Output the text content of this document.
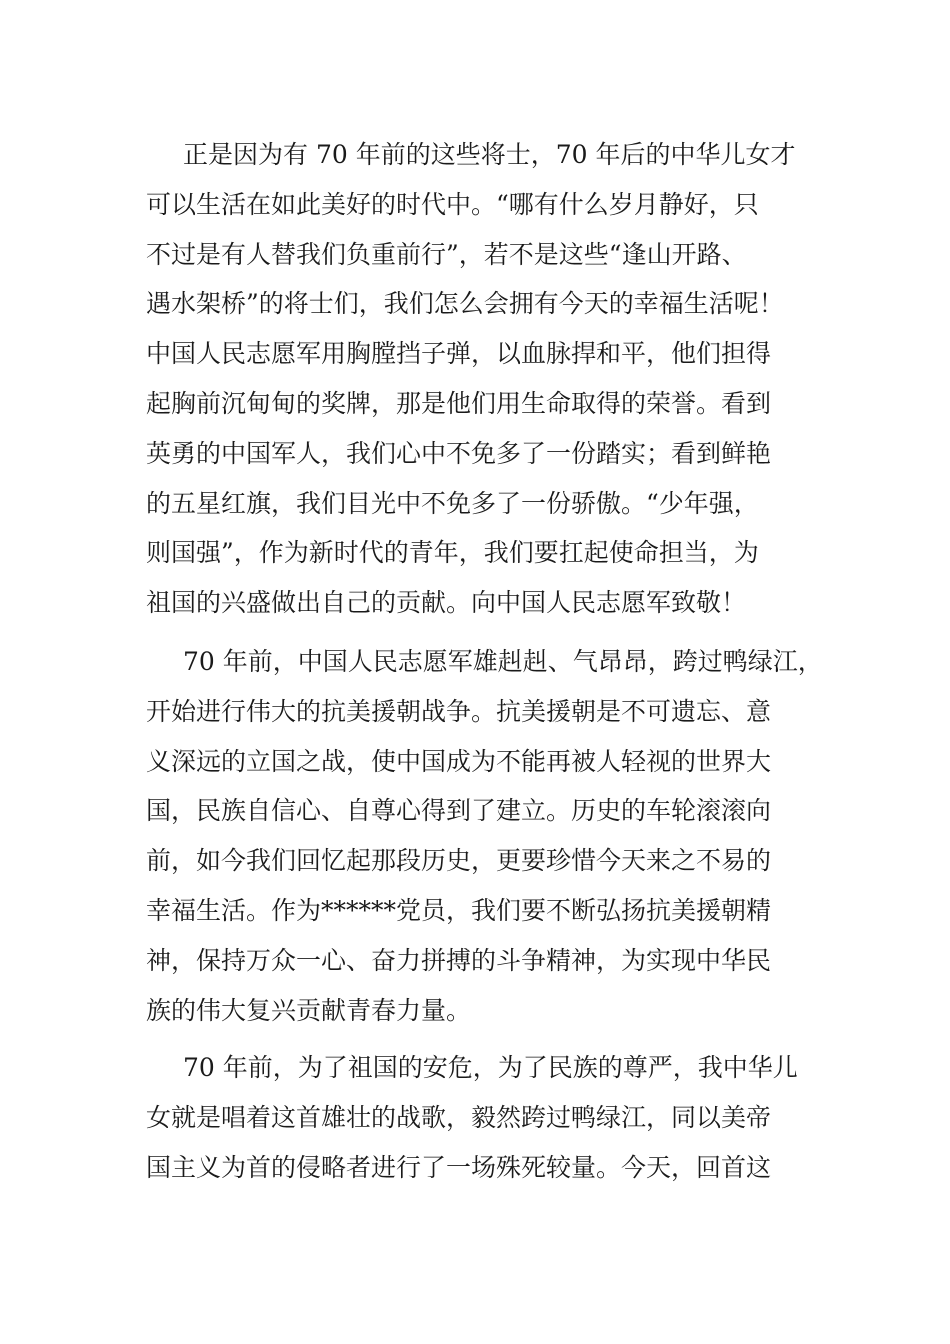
正是因为有 70 年前的这些将士，70 年后的中华儿女才
可以生活在如此美好的时代中。“哪有什么岁月静好，只
不过是有人替我们负重前行”，若不是这些“逢山开路、
遇水架桥”的将士们，我们怎么会拥有今天的幸福生活呢！
中国人民志愿军用胸膛挡子弹，以血脉捍和平，他们担得
起胸前沉甸甸的奖牌，那是他们用生命取得的荣誉。看到
英勇的中国军人，我们心中不免多了一份踏实；看到鲜艳
的五星红旗，我们目光中不免多了一份骄傲。“少年强，
则国强”，作为新时代的青年，我们要扛起使命担当，为
祖国的兴盛做出自己的贡献。向中国人民志愿军致敬！
70 年前，中国人民志愿军雄赳赳、气昂昂，跨过鸭绿江，
开始进行伟大的抗美援朝战争。抗美援朝是不可遗忘、意
义深远的立国之战，使中国成为不能再被人轻视的世界大
国，民族自信心、自尊心得到了建立。历史的车轮滚滚向
前，如今我们回忆起那段历史，更要珍惜今天来之不易的
幸福生活。作为******党员，我们要不断弘扬抗美援朝精
神，保持万众一心、奋力拼搏的斗争精神，为实现中华民
族的伟大复兴贡献青春力量。
70 年前，为了祖国的安危，为了民族的尊严，我中华儿
女就是唱着这首雄壮的战歌，毅然跨过鸭绿江，同以美帝
国主义为首的侵略者进行了一场殊死较量。今天，回首这
